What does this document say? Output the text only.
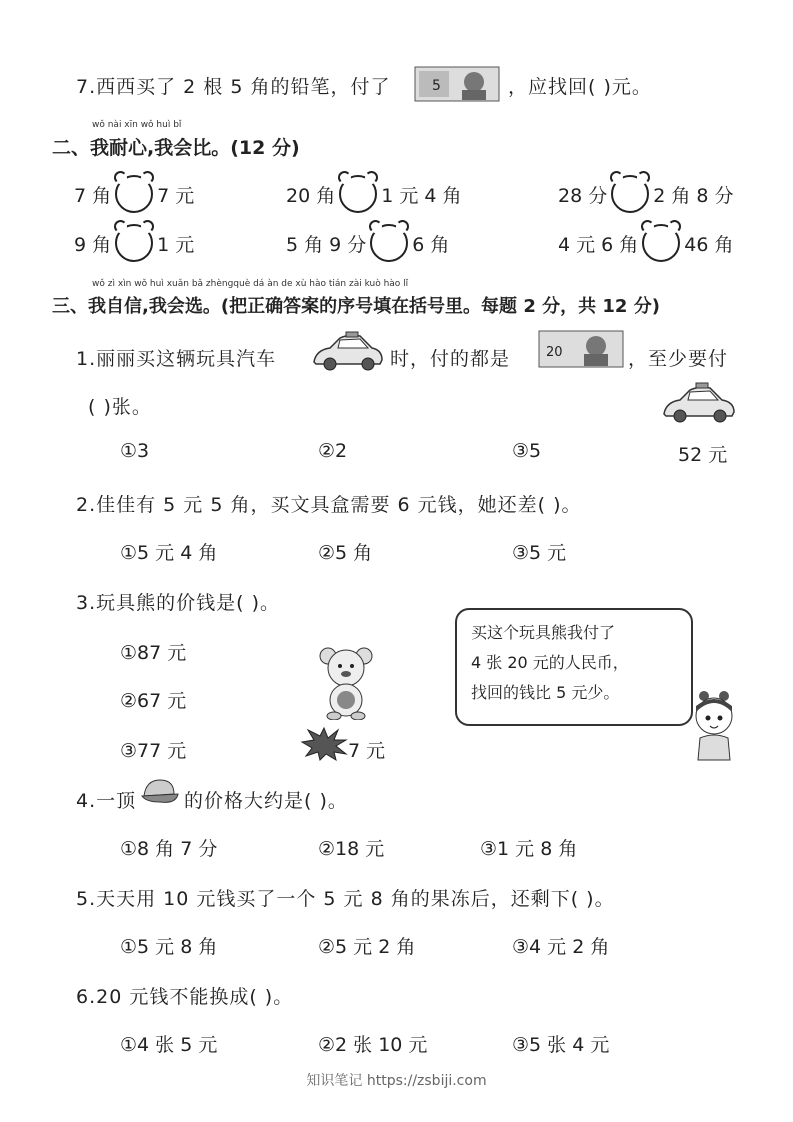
7.西西买了 2 根 5 角的铅笔，付了	5	，应找回( )元。
wǒ nài xīn wǒ huì bǐ
二、我耐心,我会比。(12 分)
7 角 7 元	20 角 1 元 4 角	28 分 2 角 8 分
9 角 1 元	5 角 9 分 6 角	4 元 6 角 46 角
wǒ zì xìn wǒ huì xuǎn bǎ zhèngquè dá àn de xù hào tián zài kuò hào lǐ
三、我自信,我会选。(把正确答案的序号填在括号里。每题 2 分，共 12 分)
1.丽丽买这辆玩具汽车	时，付的都是	20	，至少要付
( )张。
①3	②2	③5	52 元
2.佳佳有 5 元 5 角，买文具盒需要 6 元钱，她还差( )。
①5 元 4 角	②5 角	③5 元
3.玩具熊的价钱是( )。
①87 元
②67 元
③77 元	7 元
买这个玩具熊我付了
4 张 20 元的人民币，
找回的钱比 5 元少。
4.一顶	的价格大约是( )。
①8 角 7 分	②18 元	③1 元 8 角
5.天天用 10 元钱买了一个 5 元 8 角的果冻后，还剩下( )。
①5 元 8 角	②5 元 2 角	③4 元 2 角
6.20 元钱不能换成( )。
①4 张 5 元	②2 张 10 元	③5 张 4 元
知识笔记 https://zsbiji.com
